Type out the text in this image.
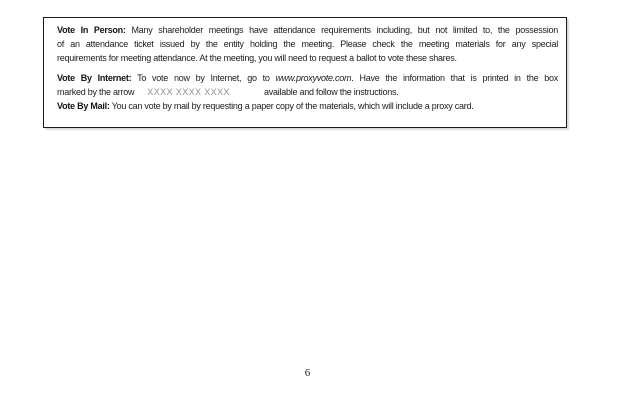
Vote In Person: Many shareholder meetings have attendance requirements including, but not limited to, the possession
of an attendance ticket issued by the entity holding the meeting. Please check the meeting materials for any special
requirements for meeting attendance. At the meeting, you will need to request a ballot to vote these shares.
Vote By Internet: To vote now by Internet, go to www.proxyvote.com. Have the information that is printed in the box
marked by the arrow XXXX XXXX XXXX	available and follow the instructions.
Vote By Mail: You can vote by mail by requesting a paper copy of the materials, which will include a proxy card.
6
